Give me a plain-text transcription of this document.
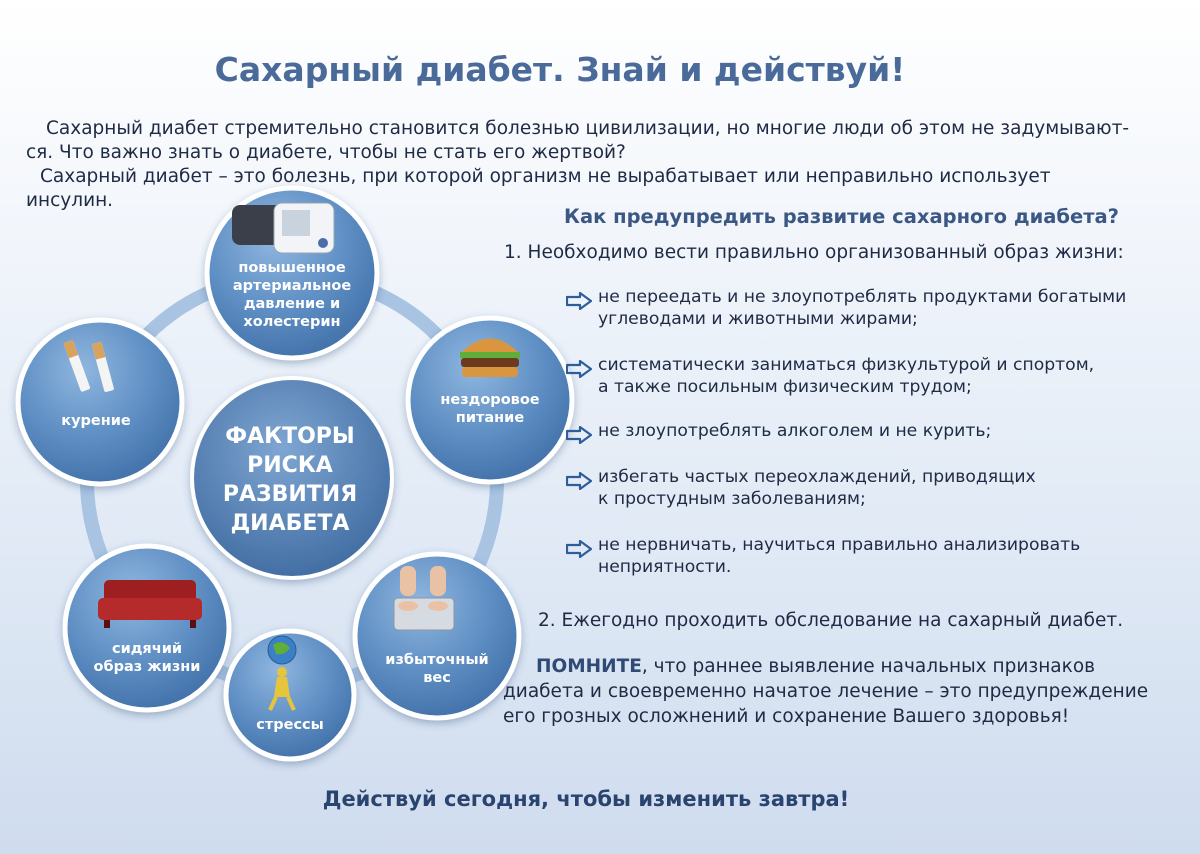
Сахарный диабет. Знай и действуй!

Сахарный диабет стремительно становится болезнью цивилизации, но многие люди об этом не задумывают-

ся. Что важно знать о диабете, чтобы не стать его жертвой?

Сахарный диабет – это болезнь, при которой организм не вырабатывает или неправильно использует

инсулин.

ФАКТОРЫ
РИСКА
РАЗВИТИЯ
ДИАБЕТА
повышенное
артериальное
давление и
холестерин
курение
нездоровое
питание
сидячий
образ жизни
стрессы
избыточный
вес
Как предупредить развитие сахарного диабета?
1. Необходимо вести правильно организованный образ жизни:
не переедать и не злоупотреблять продуктами богатыми
углеводами и животными жирами;
систематически заниматься физкультурой и спортом,
а также посильным физическим трудом;
не злоупотреблять алкоголем и не курить;
избегать частых переохлаждений, приводящих
к простудным заболеваниям;
не нервничать, научиться правильно анализировать
неприятности.
2. Ежегодно проходить обследование на сахарный диабет.
ПОМНИТЕ, что раннее выявление начальных признаков
диабета и своевременно начатое лечение – это предупреждение
его грозных осложнений и сохранение Вашего здоровья!
Действуй сегодня, чтобы изменить завтра!
